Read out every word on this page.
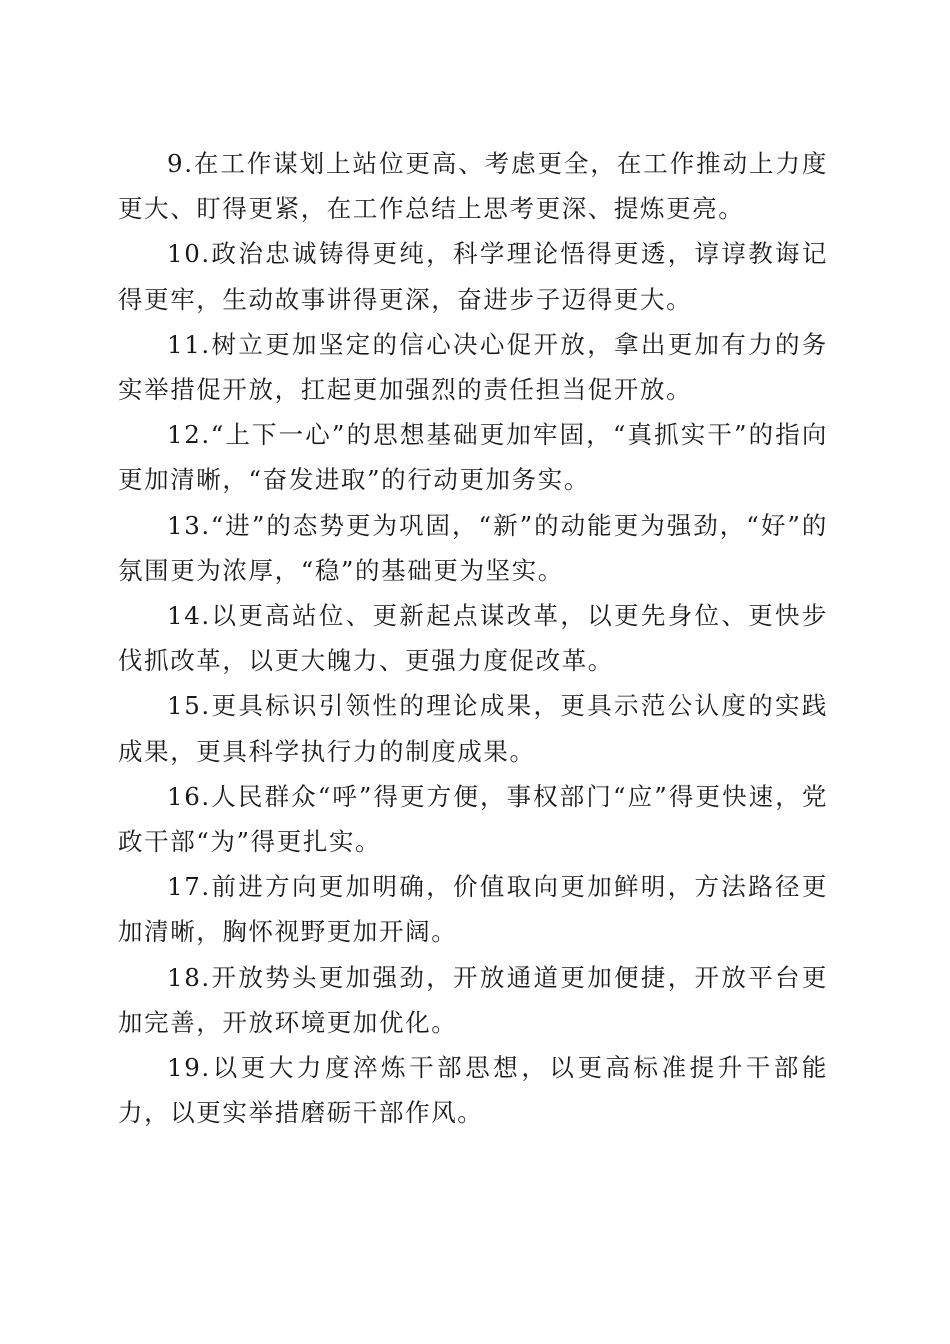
9.在工作谋划上站位更高、考虑更全，在工作推动上力度更大、盯得更紧，在工作总结上思考更深、提炼更亮。

10.政治忠诚铸得更纯，科学理论悟得更透，谆谆教诲记得更牢，生动故事讲得更深，奋进步子迈得更大。

11.树立更加坚定的信心决心促开放，拿出更加有力的务实举措促开放，扛起更加强烈的责任担当促开放。

12.“上下一心”的思想基础更加牢固，“真抓实干”的指向更加清晰，“奋发进取”的行动更加务实。

13.“进”的态势更为巩固，“新”的动能更为强劲，“好”的氛围更为浓厚，“稳”的基础更为坚实。

14.以更高站位、更新起点谋改革，以更先身位、更快步伐抓改革，以更大魄力、更强力度促改革。

15.更具标识引领性的理论成果，更具示范公认度的实践成果，更具科学执行力的制度成果。

16.人民群众“呼”得更方便，事权部门“应”得更快速，党政干部“为”得更扎实。

17.前进方向更加明确，价值取向更加鲜明，方法路径更加清晰，胸怀视野更加开阔。

18.开放势头更加强劲，开放通道更加便捷，开放平台更加完善，开放环境更加优化。

19.以更大力度淬炼干部思想，以更高标准提升干部能力，以更实举措磨砺干部作风。
